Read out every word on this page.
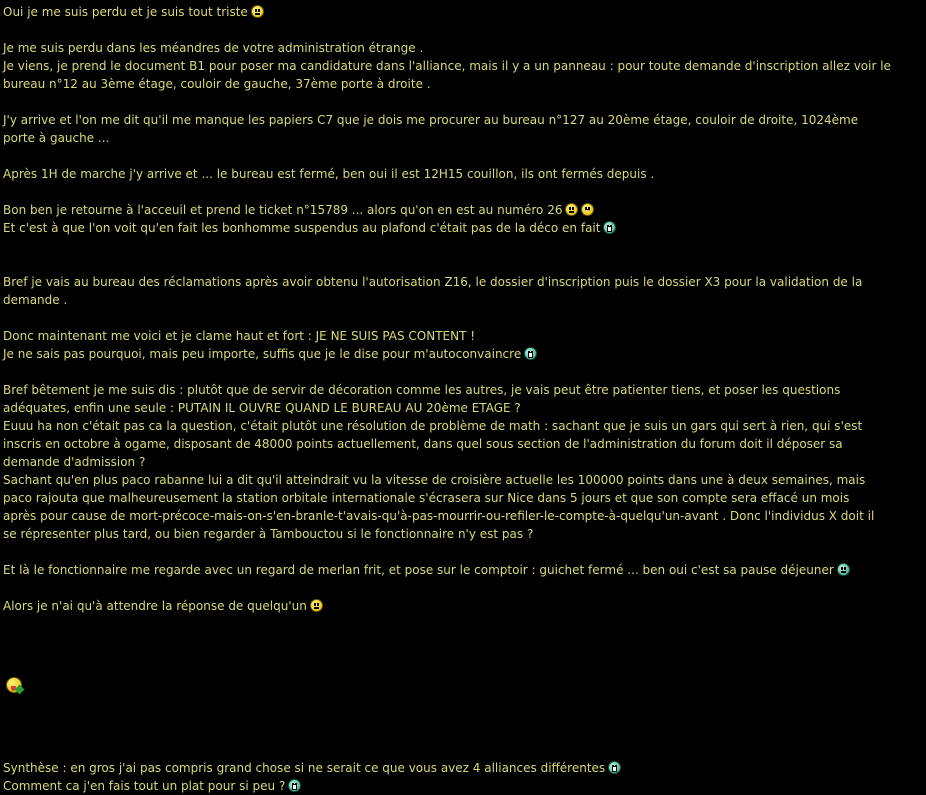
Oui je me suis perdu et je suis tout triste
Je me suis perdu dans les méandres de votre administration étrange .
Je viens, je prend le document B1 pour poser ma candidature dans l'alliance, mais il y a un panneau : pour toute demande d'inscription allez voir le
bureau n°12 au 3ème étage, couloir de gauche, 37ème porte à droite .
J'y arrive et l'on me dit qu'il me manque les papiers C7 que je dois me procurer au bureau n°127 au 20ème étage, couloir de droite, 1024ème
porte à gauche ...
Après 1H de marche j'y arrive et ... le bureau est fermé, ben oui il est 12H15 couillon, ils ont fermés depuis .
Bon ben je retourne à l'acceuil et prend le ticket n°15789 ... alors qu'on en est au numéro 26
Et c'est à que l'on voit qu'en fait les bonhomme suspendus au plafond c'était pas de la déco en fait
Bref je vais au bureau des réclamations après avoir obtenu l'autorisation Z16, le dossier d'inscription puis le dossier X3 pour la validation de la
demande .
Donc maintenant me voici et je clame haut et fort : JE NE SUIS PAS CONTENT !
Je ne sais pas pourquoi, mais peu importe, suffis que je le dise pour m'autoconvaincre
Bref bêtement je me suis dis : plutôt que de servir de décoration comme les autres, je vais peut être patienter tiens, et poser les questions
adéquates, enfin une seule : PUTAIN IL OUVRE QUAND LE BUREAU AU 20ème ETAGE ?
Euuu ha non c'était pas ca la question, c'était plutôt une résolution de problème de math : sachant que je suis un gars qui sert à rien, qui s'est
inscris en octobre à ogame, disposant de 48000 points actuellement, dans quel sous section de l'administration du forum doit il déposer sa
demande d'admission ?
Sachant qu'en plus paco rabanne lui a dit qu'il atteindrait vu la vitesse de croisière actuelle les 100000 points dans une à deux semaines, mais
paco rajouta que malheureusement la station orbitale internationale s'écrasera sur Nice dans 5 jours et que son compte sera effacé un mois
après pour cause de mort-précoce-mais-on-s'en-branle-t'avais-qu'à-pas-mourrir-ou-refiler-le-compte-à-quelqu'un-avant . Donc l'individus X doit il
se répresenter plus tard, ou bien regarder à Tambouctou si le fonctionnaire n'y est pas ?
Et là le fonctionnaire me regarde avec un regard de merlan frit, et pose sur le comptoir : guichet fermé ... ben oui c'est sa pause déjeuner
Alors je n'ai qu'à attendre la réponse de quelqu'un
Synthèse : en gros j'ai pas compris grand chose si ne serait ce que vous avez 4 alliances différentes
Comment ca j'en fais tout un plat pour si peu ?
